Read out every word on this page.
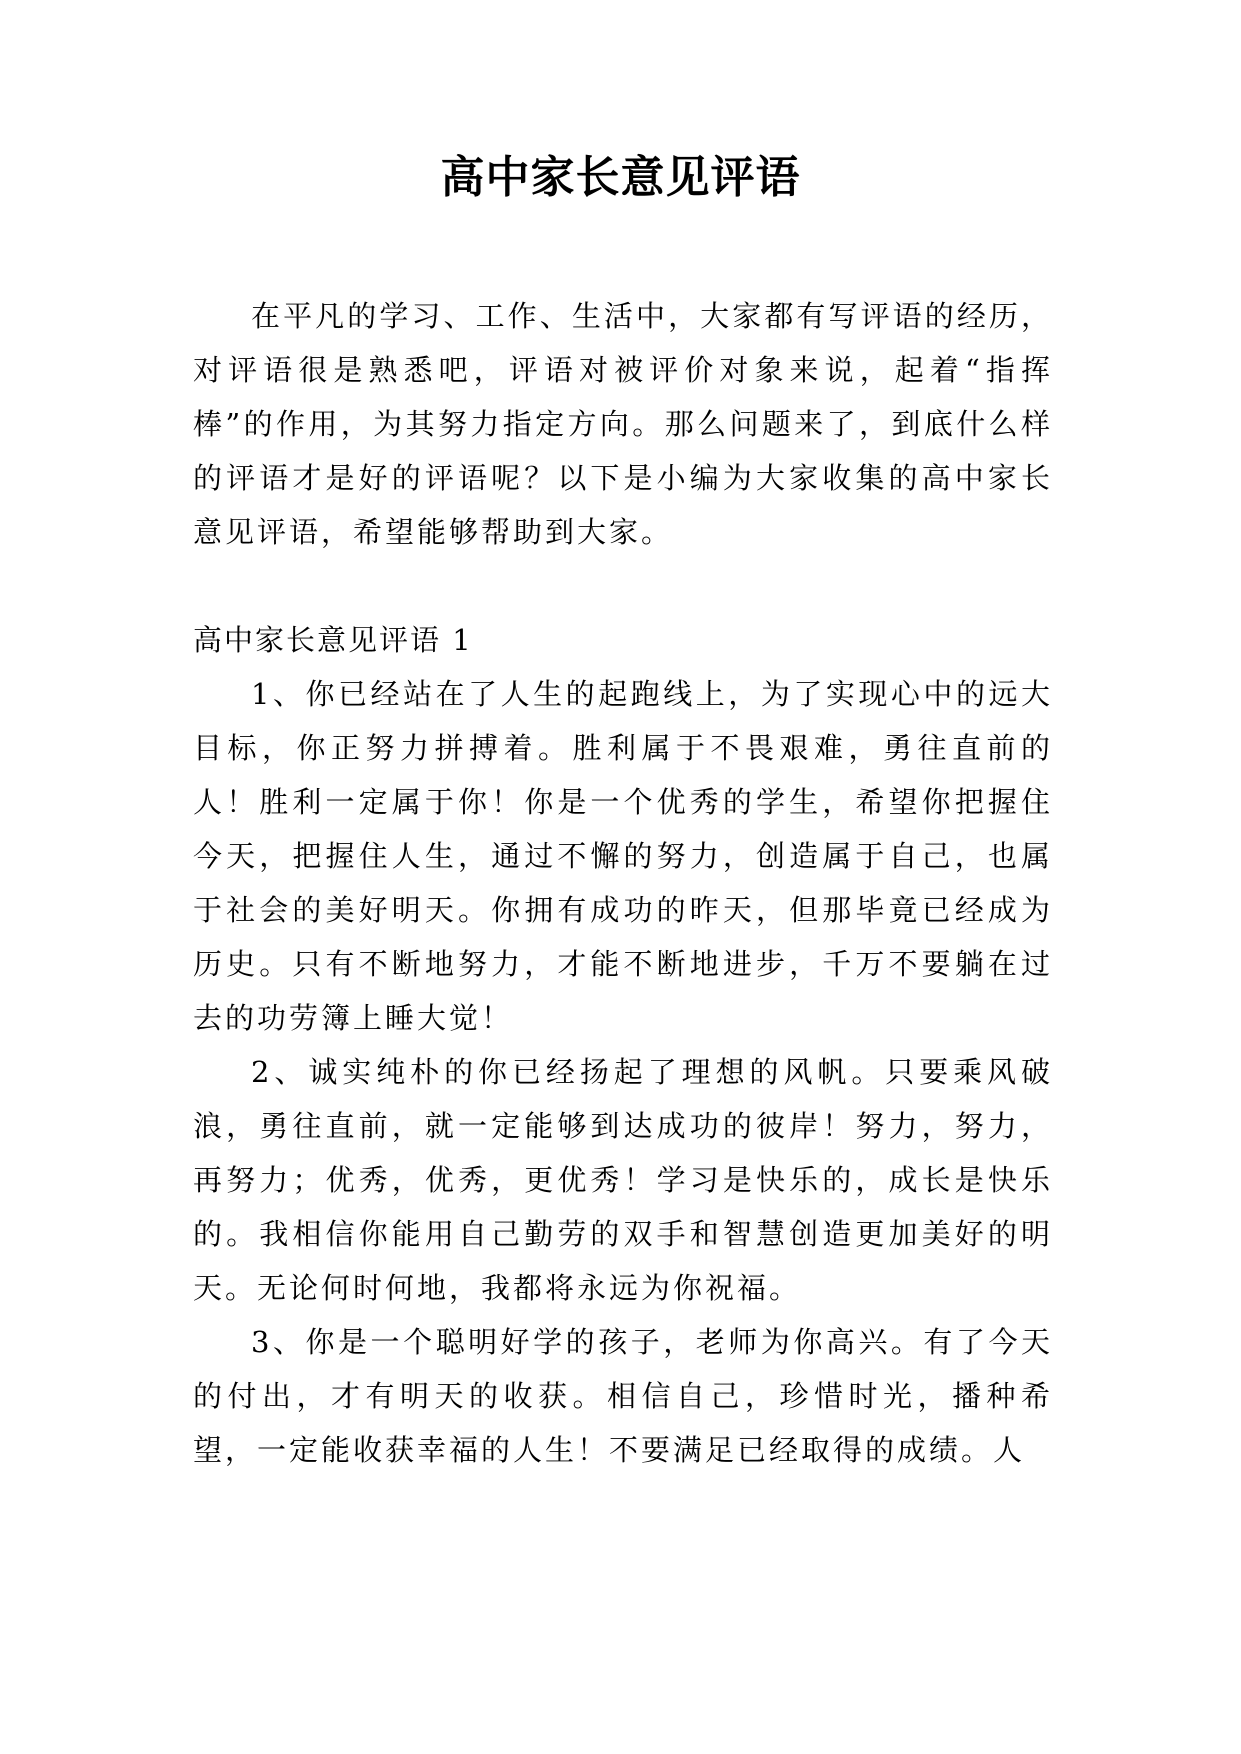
高中家长意见评语

在平凡的学习、工作、生活中，大家都有写评语的经历，对评语很是熟悉吧，评语对被评价对象来说，起着“指挥棒”的作用，为其努力指定方向。那么问题来了，到底什么样的评语才是好的评语呢？以下是小编为大家收集的高中家长意见评语，希望能够帮助到大家。

高中家长意见评语 1

1、你已经站在了人生的起跑线上，为了实现心中的远大目标，你正努力拼搏着。胜利属于不畏艰难，勇往直前的人！胜利一定属于你！你是一个优秀的学生，希望你把握住今天，把握住人生，通过不懈的努力，创造属于自己，也属于社会的美好明天。你拥有成功的昨天，但那毕竟已经成为历史。只有不断地努力，才能不断地进步，千万不要躺在过去的功劳簿上睡大觉！

2、诚实纯朴的你已经扬起了理想的风帆。只要乘风破浪，勇往直前，就一定能够到达成功的彼岸！努力，努力，再努力；优秀，优秀，更优秀！学习是快乐的，成长是快乐的。我相信你能用自己勤劳的双手和智慧创造更加美好的明天。无论何时何地，我都将永远为你祝福。

3、你是一个聪明好学的孩子，老师为你高兴。有了今天的付出，才有明天的收获。相信自己，珍惜时光，播种希望，一定能收获幸福的人生！不要满足已经取得的成绩。人
